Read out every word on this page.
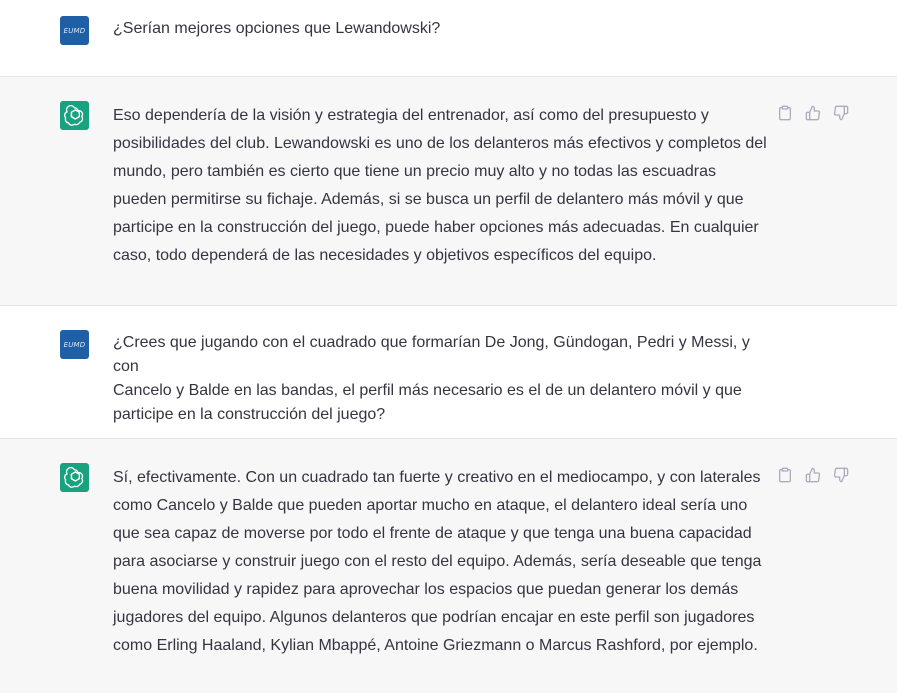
EUMD ¿Serían mejores opciones que Lewandowski?
Eso dependería de la visión y estrategia del entrenador, así como del presupuesto y
posibilidades del club. Lewandowski es uno de los delanteros más efectivos y completos del
mundo, pero también es cierto que tiene un precio muy alto y no todas las escuadras
pueden permitirse su fichaje. Además, si se busca un perfil de delantero más móvil y que
participe en la construcción del juego, puede haber opciones más adecuadas. En cualquier
caso, todo dependerá de las necesidades y objetivos específicos del equipo.
EUMD ¿Crees que jugando con el cuadrado que formarían De Jong, Gündogan, Pedri y Messi, y con
Cancelo y Balde en las bandas, el perfil más necesario es el de un delantero móvil y que
participe en la construcción del juego?
Sí, efectivamente. Con un cuadrado tan fuerte y creativo en el mediocampo, y con laterales
como Cancelo y Balde que pueden aportar mucho en ataque, el delantero ideal sería uno
que sea capaz de moverse por todo el frente de ataque y que tenga una buena capacidad
para asociarse y construir juego con el resto del equipo. Además, sería deseable que tenga
buena movilidad y rapidez para aprovechar los espacios que puedan generar los demás
jugadores del equipo. Algunos delanteros que podrían encajar en este perfil son jugadores
como Erling Haaland, Kylian Mbappé, Antoine Griezmann o Marcus Rashford, por ejemplo.
